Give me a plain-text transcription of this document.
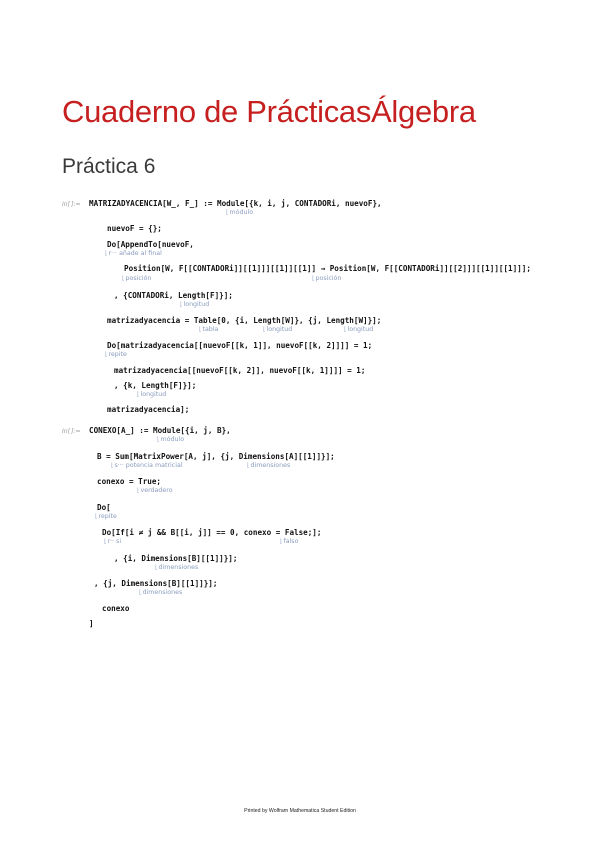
Cuaderno de PrácticasÁlgebra
Práctica 6
In[ ]:= MATRIZADYACENCIA[W_, F_] := Module[{k, i, j, CONTADORi, nuevoF},
⌊ módulo
nuevoF = {};
Do[AppendTo[nuevoF,
⌊ r··· añade al final
Position[W, F[[CONTADORi]][[1]]][[1]][[1]] → Position[W, F[[CONTADORi]][[2]]][[1]][[1]]];
⌊ posición	⌊ posición
, {CONTADORi, Length[F]}];
⌊ longitud
matrizadyacencia = Table[0, {i, Length[W]}, {j, Length[W]}];
⌊ tabla	⌊ longitud	⌊ longitud
Do[matrizadyacencia[[nuevoF[[k, 1]], nuevoF[[k, 2]]]] = 1;
⌊ repite
matrizadyacencia[[nuevoF[[k, 2]], nuevoF[[k, 1]]]] = 1;
, {k, Length[F]}];
⌊ longitud
matrizadyacencia];
In[ ]:= CONEXO[A_] := Module[{i, j, B},
⌊ módulo
B = Sum[MatrixPower[A, j], {j, Dimensions[A][[1]]}];
⌊ s··· potencia matricial	⌊ dimensiones
conexo = True;
⌊ verdadero
Do[
⌊ repite
Do[If[i ≠ j && B[[i, j]] == 0, conexo = False;];
⌊ r·· si	⌊ falso
, {i, Dimensions[B][[1]]}];
⌊ dimensiones
, {j, Dimensions[B][[1]]}];
⌊ dimensiones
conexo
]
Printed by Wolfram Mathematica Student Edition
